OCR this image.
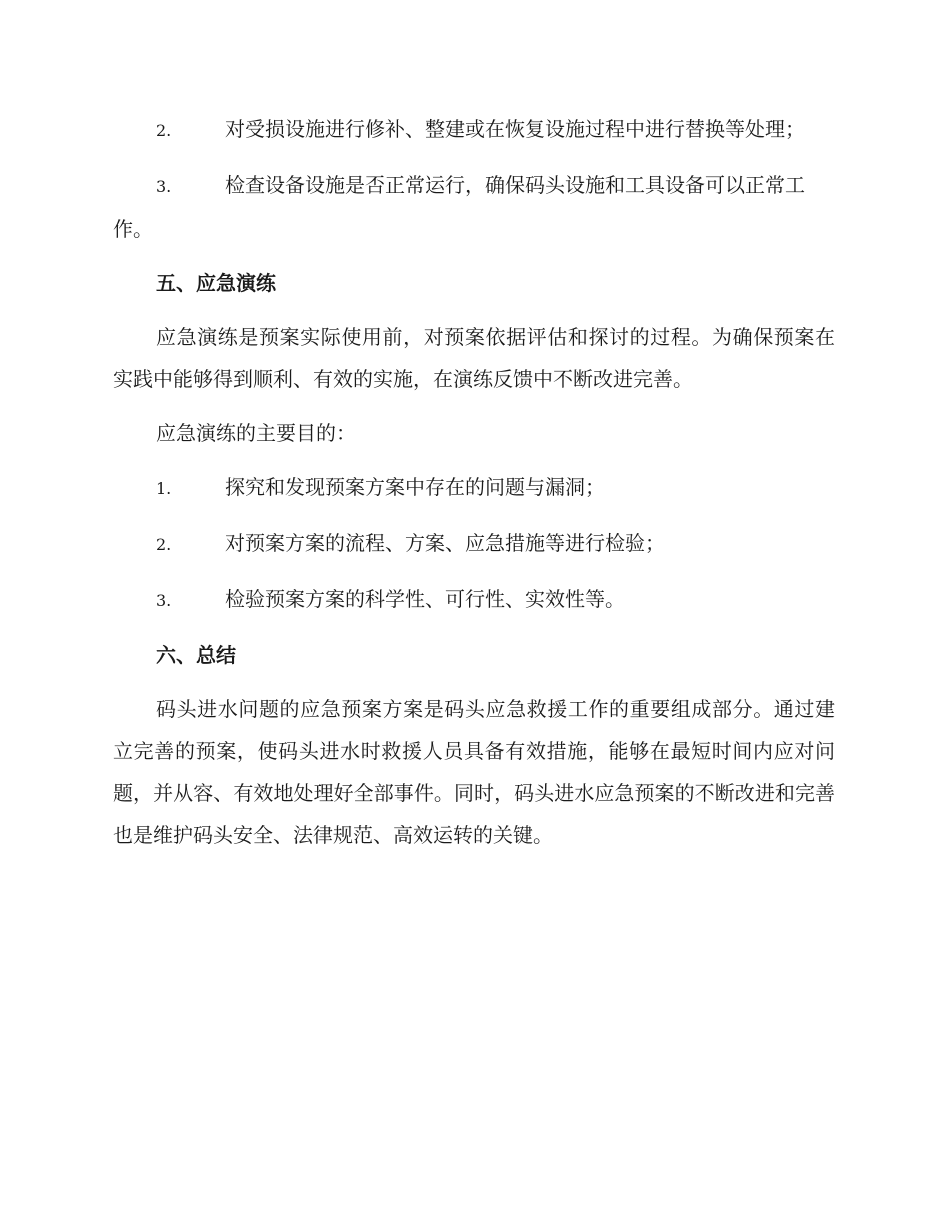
2.	对受损设施进行修补、整建或在恢复设施过程中进行替换等处理；
3.	检查设备设施是否正常运行，确保码头设施和工具设备可以正常工作。
五、应急演练
应急演练是预案实际使用前，对预案依据评估和探讨的过程。为确保预案在实践中能够得到顺利、有效的实施，在演练反馈中不断改进完善。
应急演练的主要目的：
1.	探究和发现预案方案中存在的问题与漏洞；
2.	对预案方案的流程、方案、应急措施等进行检验；
3.	检验预案方案的科学性、可行性、实效性等。
六、总结
码头进水问题的应急预案方案是码头应急救援工作的重要组成部分。通过建立完善的预案，使码头进水时救援人员具备有效措施，能够在最短时间内应对问题，并从容、有效地处理好全部事件。同时，码头进水应急预案的不断改进和完善也是维护码头安全、法律规范、高效运转的关键。
